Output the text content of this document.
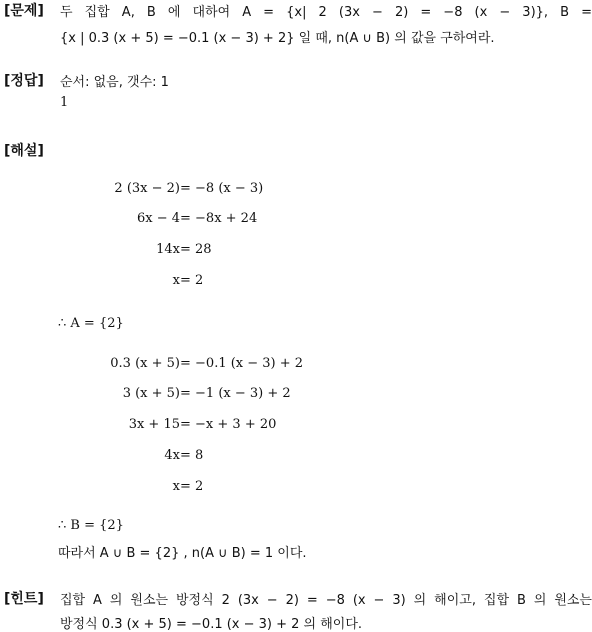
[문제] 두 집합 A, B 에 대하여 A = {x| 2 (3x − 2) = −8 (x − 3)}, B =
{x | 0.3 (x + 5) = −0.1 (x − 3) + 2} 일 때, n(A ∪ B) 의 값을 구하여라.
[정답] 순서: 없음, 갯수: 1
1
[해설]
2 (3x − 2)= −8 (x − 3)
6x − 4= −8x + 24
14x= 28
x= 2
∴ A = {2}
0.3 (x + 5)= −0.1 (x − 3) + 2
3 (x + 5)= −1 (x − 3) + 2
3x + 15= −x + 3 + 20
4x= 8
x= 2
∴ B = {2}
따라서 A ∪ B = {2} , n(A ∪ B) = 1 이다.
[힌트] 집합 A 의 원소는 방정식 2 (3x − 2) = −8 (x − 3) 의 해이고, 집합 B 의 원소는
방정식 0.3 (x + 5) = −0.1 (x − 3) + 2 의 해이다.
